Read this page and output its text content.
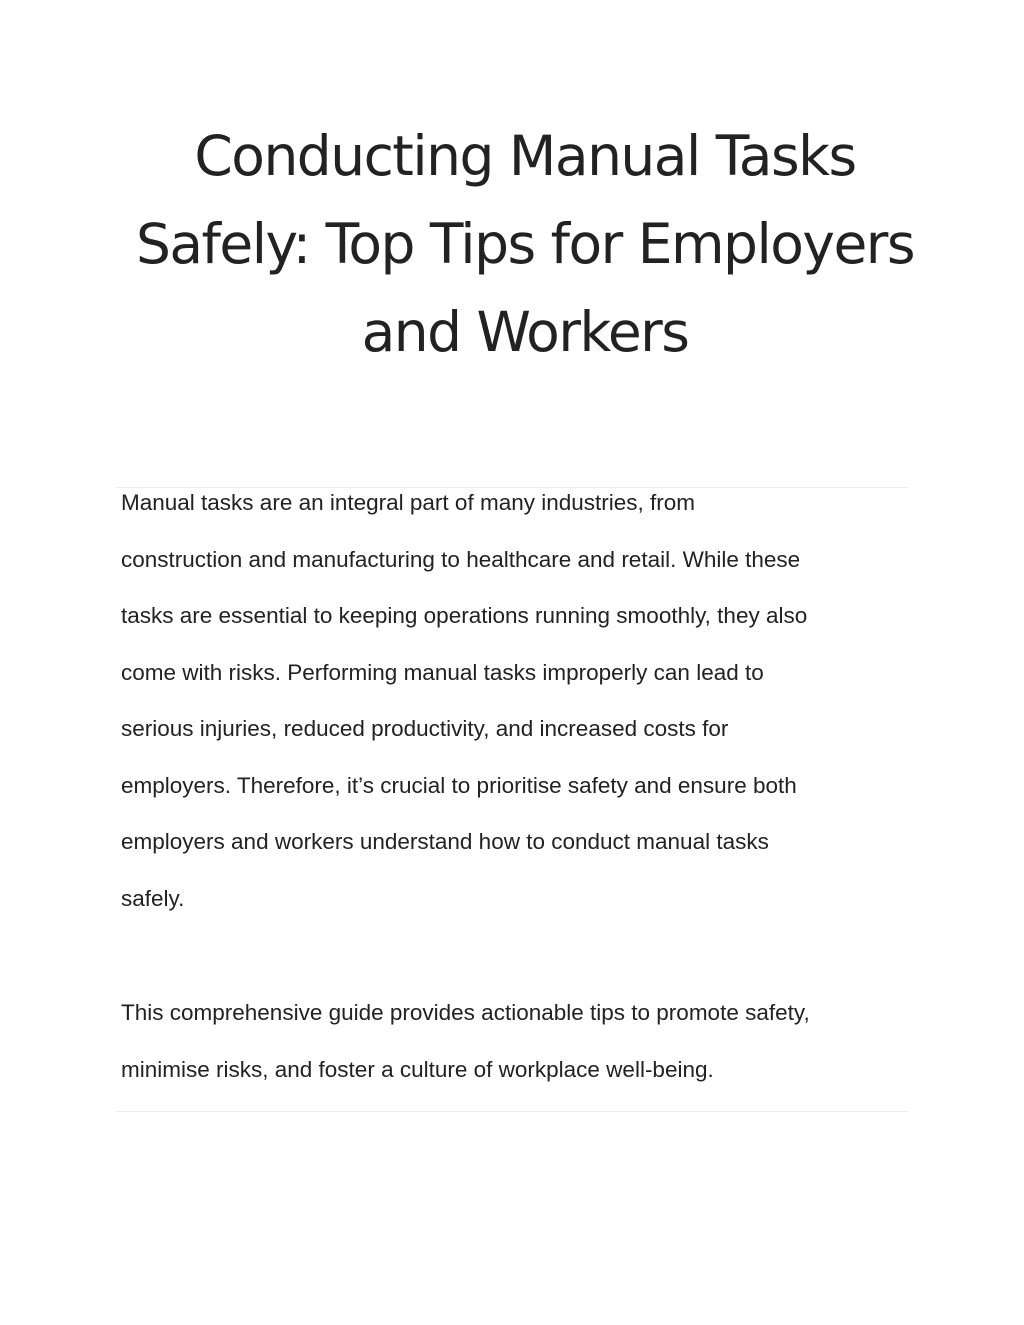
Conducting Manual Tasks
Safely: Top Tips for Employers
and Workers
Manual tasks are an integral part of many industries, from
construction and manufacturing to healthcare and retail. While these
tasks are essential to keeping operations running smoothly, they also
come with risks. Performing manual tasks improperly can lead to
serious injuries, reduced productivity, and increased costs for
employers. Therefore, it’s crucial to prioritise safety and ensure both
employers and workers understand how to conduct manual tasks
safely.
This comprehensive guide provides actionable tips to promote safety,
minimise risks, and foster a culture of workplace well-being.
